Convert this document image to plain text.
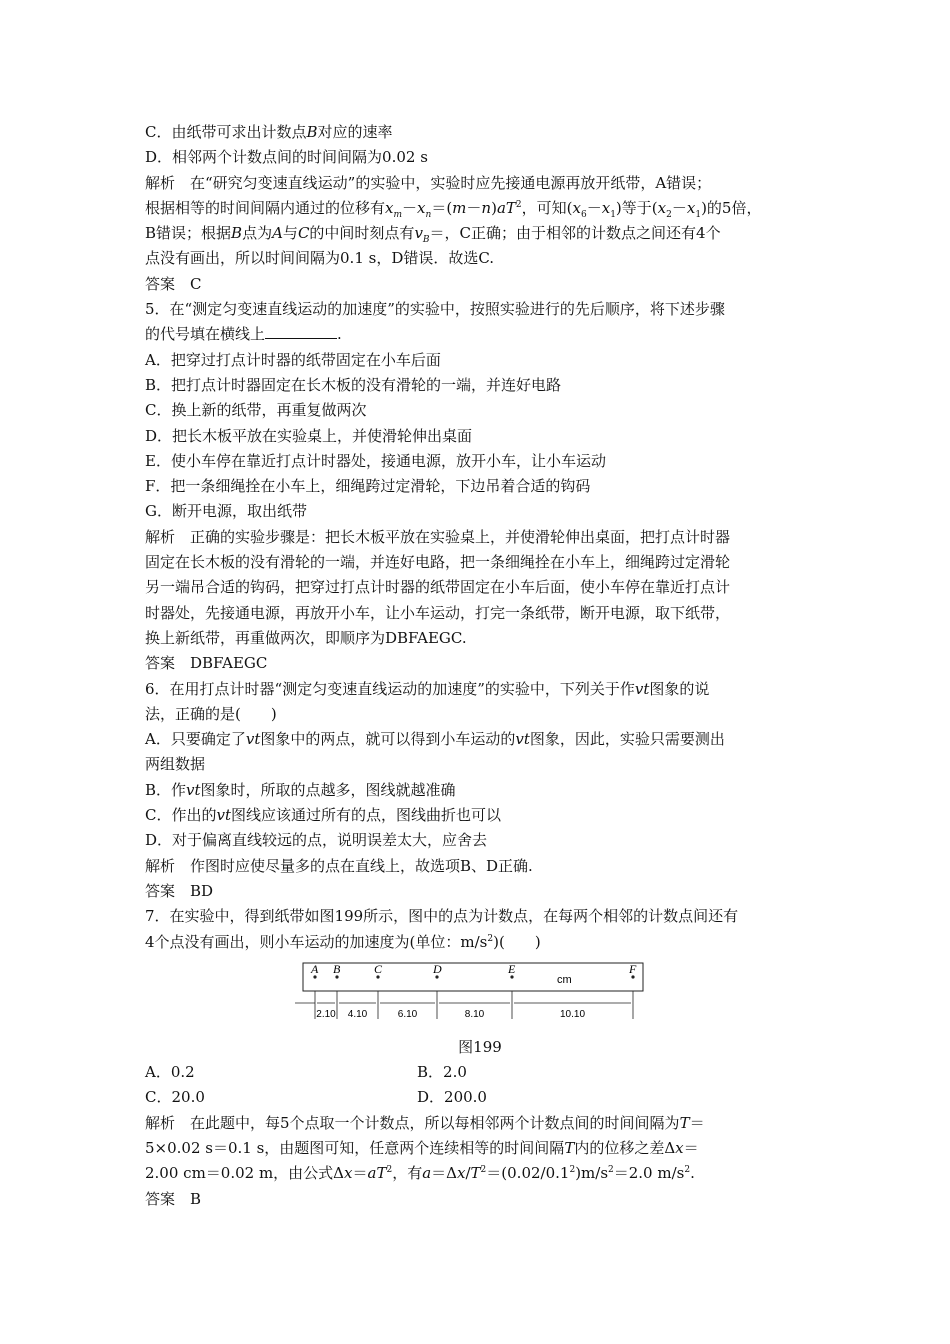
C．由纸带可求出计数点B对应的速率
D．相邻两个计数点间的时间间隔为0.02 s
解析　在“研究匀变速直线运动”的实验中，实验时应先接通电源再放开纸带，A错误；
根据相等的时间间隔内通过的位移有$x_m-x_n=(m-n)aT^2$，可知$(x_6-x_1)$等于$(x_2-x_1)$的5倍，
B错误；根据B点为A与C的中间时刻点有$v_B=$，C正确；由于相邻的计数点之间还有4个
点没有画出，所以时间间隔为0.1 s，D错误．故选C.
答案　C
5．在“测定匀变速直线运动的加速度”的实验中，按照实验进行的先后顺序，将下述步骤
的代号填在横线上	.
A．把穿过打点计时器的纸带固定在小车后面
B．把打点计时器固定在长木板的没有滑轮的一端，并连好电路
C．换上新的纸带，再重复做两次
D．把长木板平放在实验桌上，并使滑轮伸出桌面
E．使小车停在靠近打点计时器处，接通电源，放开小车，让小车运动
F．把一条细绳拴在小车上，细绳跨过定滑轮，下边吊着合适的钩码
G．断开电源，取出纸带
解析　正确的实验步骤是：把长木板平放在实验桌上，并使滑轮伸出桌面，把打点计时器
固定在长木板的没有滑轮的一端，并连好电路，把一条细绳拴在小车上，细绳跨过定滑轮
另一端吊合适的钩码，把穿过打点计时器的纸带固定在小车后面，使小车停在靠近打点计
时器处，先接通电源，再放开小车，让小车运动，打完一条纸带，断开电源，取下纸带，
换上新纸带，再重做两次，即顺序为DBFAEGC.
答案　DBFAEGC
6．在用打点计时器“测定匀变速直线运动的加速度”的实验中，下列关于作vt图象的说
法，正确的是(　　)
A．只要确定了vt图象中的两点，就可以得到小车运动的vt图象，因此，实验只需要测出
两组数据
B．作vt图象时，所取的点越多，图线就越准确
C．作出的vt图线应该通过所有的点，图线曲折也可以
D．对于偏离直线较远的点，说明误差太大，应舍去
解析　作图时应使尽量多的点在直线上，故选项B、D正确.
答案　BD
7．在实验中，得到纸带如图199所示，图中的点为计数点，在每两个相邻的计数点间还有
4个点没有画出，则小车运动的加速度为(单位：$m/s^2$)(　　)
A B	C	D	E	F
cm
2.10 4.10	6.10	8.10	10.10
图199
A．0.2	B．2.0
C．20.0	D．200.0
解析　在此题中，每5个点取一个计数点，所以每相邻两个计数点间的时间间隔为T＝
5×0.02 s＝0.1 s，由题图可知，任意两个连续相等的时间间隔T内的位移之差Δx＝
2.00 cm＝0.02 m，由公式$\Delta x=aT^2$，有$a=\Delta x/T^2=(0.02/0.1^2)m/s^2=2.0$ $m/s^2$.
答案　B
